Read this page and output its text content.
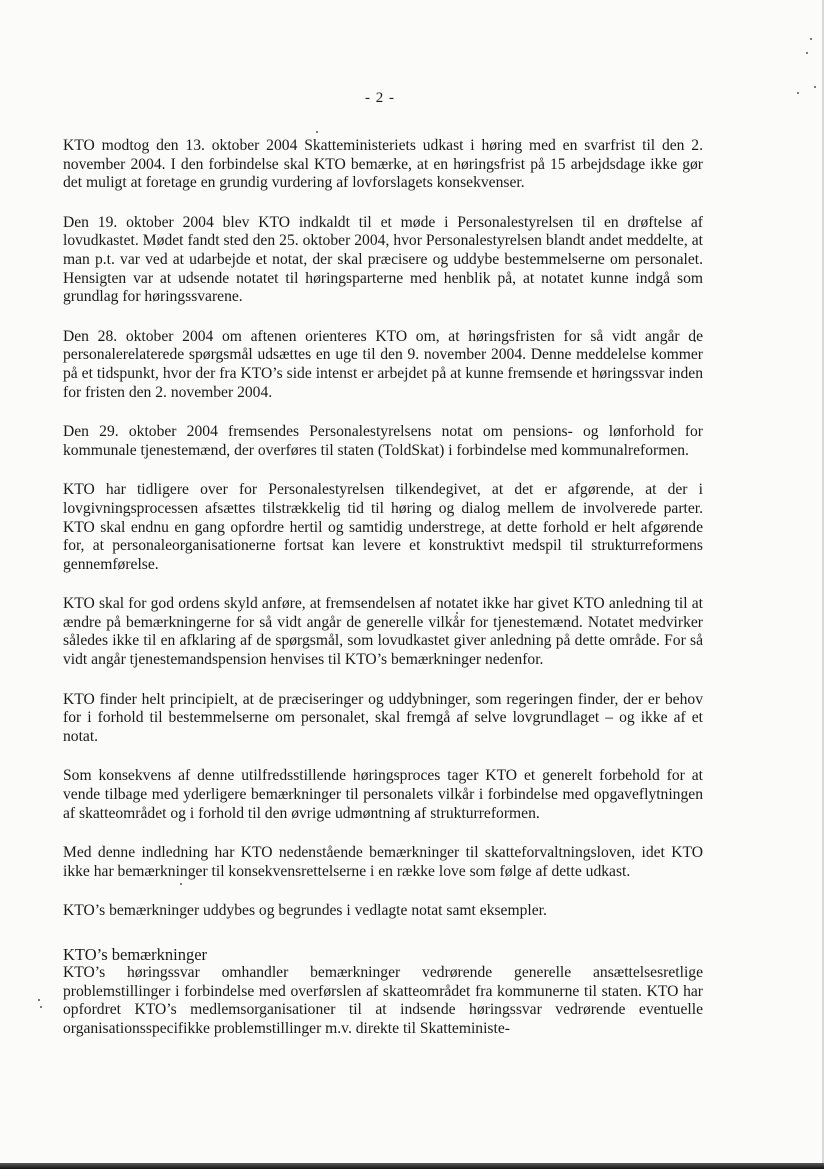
- 2 -

KTO modtog den 13. oktober 2004 Skatteministeriets udkast i høring med en svarfrist til den 2. november 2004. I den forbindelse skal KTO bemærke, at en høringsfrist på 15 arbejdsdage ikke gør det muligt at foretage en grundig vurdering af lovforslagets konsekvenser.

Den 19. oktober 2004 blev KTO indkaldt til et møde i Personalestyrelsen til en drøftelse af lovudkastet. Mødet fandt sted den 25. oktober 2004, hvor Personalestyrelsen blandt andet meddelte, at man p.t. var ved at udarbejde et notat, der skal præcisere og uddybe bestemmelserne om personalet. Hensigten var at udsende notatet til høringsparterne med henblik på, at notatet kunne indgå som grundlag for høringssvarene.

Den 28. oktober 2004 om aftenen orienteres KTO om, at høringsfristen for så vidt angår de personalerelaterede spørgsmål udsættes en uge til den 9. november 2004. Denne meddelelse kommer på et tidspunkt, hvor der fra KTO’s side intenst er arbejdet på at kunne fremsende et høringssvar inden for fristen den 2. november 2004.

Den 29. oktober 2004 fremsendes Personalestyrelsens notat om pensions- og lønforhold for kommunale tjenestemænd, der overføres til staten (ToldSkat) i forbindelse med kommunalreformen.

KTO har tidligere over for Personalestyrelsen tilkendegivet, at det er afgørende, at der i lovgivningsprocessen afsættes tilstrækkelig tid til høring og dialog mellem de involverede parter. KTO skal endnu en gang opfordre hertil og samtidig understrege, at dette forhold er helt afgørende for, at personaleorganisationerne fortsat kan levere et konstruktivt medspil til strukturreformens gennemførelse.

KTO skal for god ordens skyld anføre, at fremsendelsen af notatet ikke har givet KTO anledning til at ændre på bemærkningerne for så vidt angår de generelle vilkår for tjenestemænd. Notatet medvirker således ikke til en afklaring af de spørgsmål, som lovudkastet giver anledning på dette område. For så vidt angår tjenestemandspension henvises til KTO’s bemærkninger nedenfor.

KTO finder helt principielt, at de præciseringer og uddybninger, som regeringen finder, der er behov for i forhold til bestemmelserne om personalet, skal fremgå af selve lovgrundlaget – og ikke af et notat.

Som konsekvens af denne utilfredsstillende høringsproces tager KTO et generelt forbehold for at vende tilbage med yderligere bemærkninger til personalets vilkår i forbindelse med opgaveflytningen af skatteområdet og i forhold til den øvrige udmøntning af strukturreformen.

Med denne indledning har KTO nedenstående bemærkninger til skatteforvaltningsloven, idet KTO ikke har bemærkninger til konsekvensrettelserne i en række love som følge af dette udkast.

KTO’s bemærkninger uddybes og begrundes i vedlagte notat samt eksempler.

KTO’s bemærkninger

KTO’s høringssvar omhandler bemærkninger vedrørende generelle ansættelsesretlige problemstillinger i forbindelse med overførslen af skatteområdet fra kommunerne til staten. KTO har opfordret KTO’s medlemsorganisationer til at indsende høringssvar vedrørende eventuelle organisationsspecifikke problemstillinger m.v. direkte til Skatteministe-
